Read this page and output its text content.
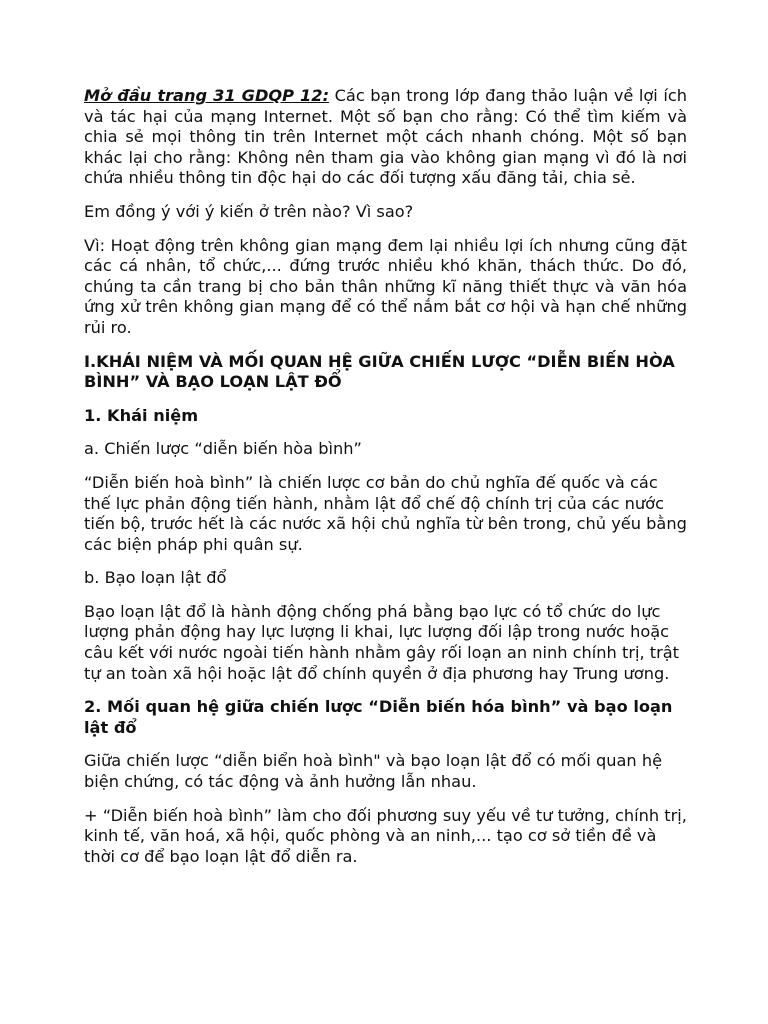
Mở đầu trang 31 GDQP 12: Các bạn trong lớp đang thảo luận về lợi ích và tác hại của mạng Internet. Một số bạn cho rằng: Có thể tìm kiếm và chia sẻ mọi thông tin trên Internet một cách nhanh chóng. Một số bạn khác lại cho rằng: Không nên tham gia vào không gian mạng vì đó là nơi chứa nhiều thông tin độc hại do các đối tượng xấu đăng tải, chia sẻ.

Em đồng ý với ý kiến ở trên nào? Vì sao?

Vì: Hoạt động trên không gian mạng đem lại nhiều lợi ích nhưng cũng đặt các cá nhân, tổ chức,... đứng trước nhiều khó khăn, thách thức. Do đó, chúng ta cần trang bị cho bản thân những kĩ năng thiết thực và văn hóa ứng xử trên không gian mạng để có thể nắm bắt cơ hội và hạn chế những rủi ro.

I.KHÁI NIỆM VÀ MỐI QUAN HỆ GIỮA CHIẾN LƯỢC “DIỄN BIẾN HÒA BÌNH” VÀ BẠO LOẠN LẬT ĐỔ

1. Khái niệm

a. Chiến lược “diễn biến hòa bình”

“Diễn biến hoà bình” là chiến lược cơ bản do chủ nghĩa đế quốc và các thế lực phản động tiến hành, nhằm lật đổ chế độ chính trị của các nước tiến bộ, trước hết là các nước xã hội chủ nghĩa từ bên trong, chủ yếu bằng các biện pháp phi quân sự.

b. Bạo loạn lật đổ

Bạo loạn lật đổ là hành động chống phá bằng bạo lực có tổ chức do lực lượng phản động hay lực lượng li khai, lực lượng đối lập trong nước hoặc câu kết với nước ngoài tiến hành nhằm gây rối loạn an ninh chính trị, trật tự an toàn xã hội hoặc lật đổ chính quyền ở địa phương hay Trung ương.

2. Mối quan hệ giữa chiến lược “Diễn biến hóa bình” và bạo loạn lật đổ

Giữa chiến lược “diễn biển hoà bình" và bạo loạn lật đổ có mối quan hệ biện chứng, có tác động và ảnh hưởng lẫn nhau.

+ “Diễn biến hoà bình” làm cho đối phương suy yếu về tư tưởng, chính trị, kinh tế, văn hoá, xã hội, quốc phòng và an ninh,... tạo cơ sở tiền đề và thời cơ để bạo loạn lật đổ diễn ra.
